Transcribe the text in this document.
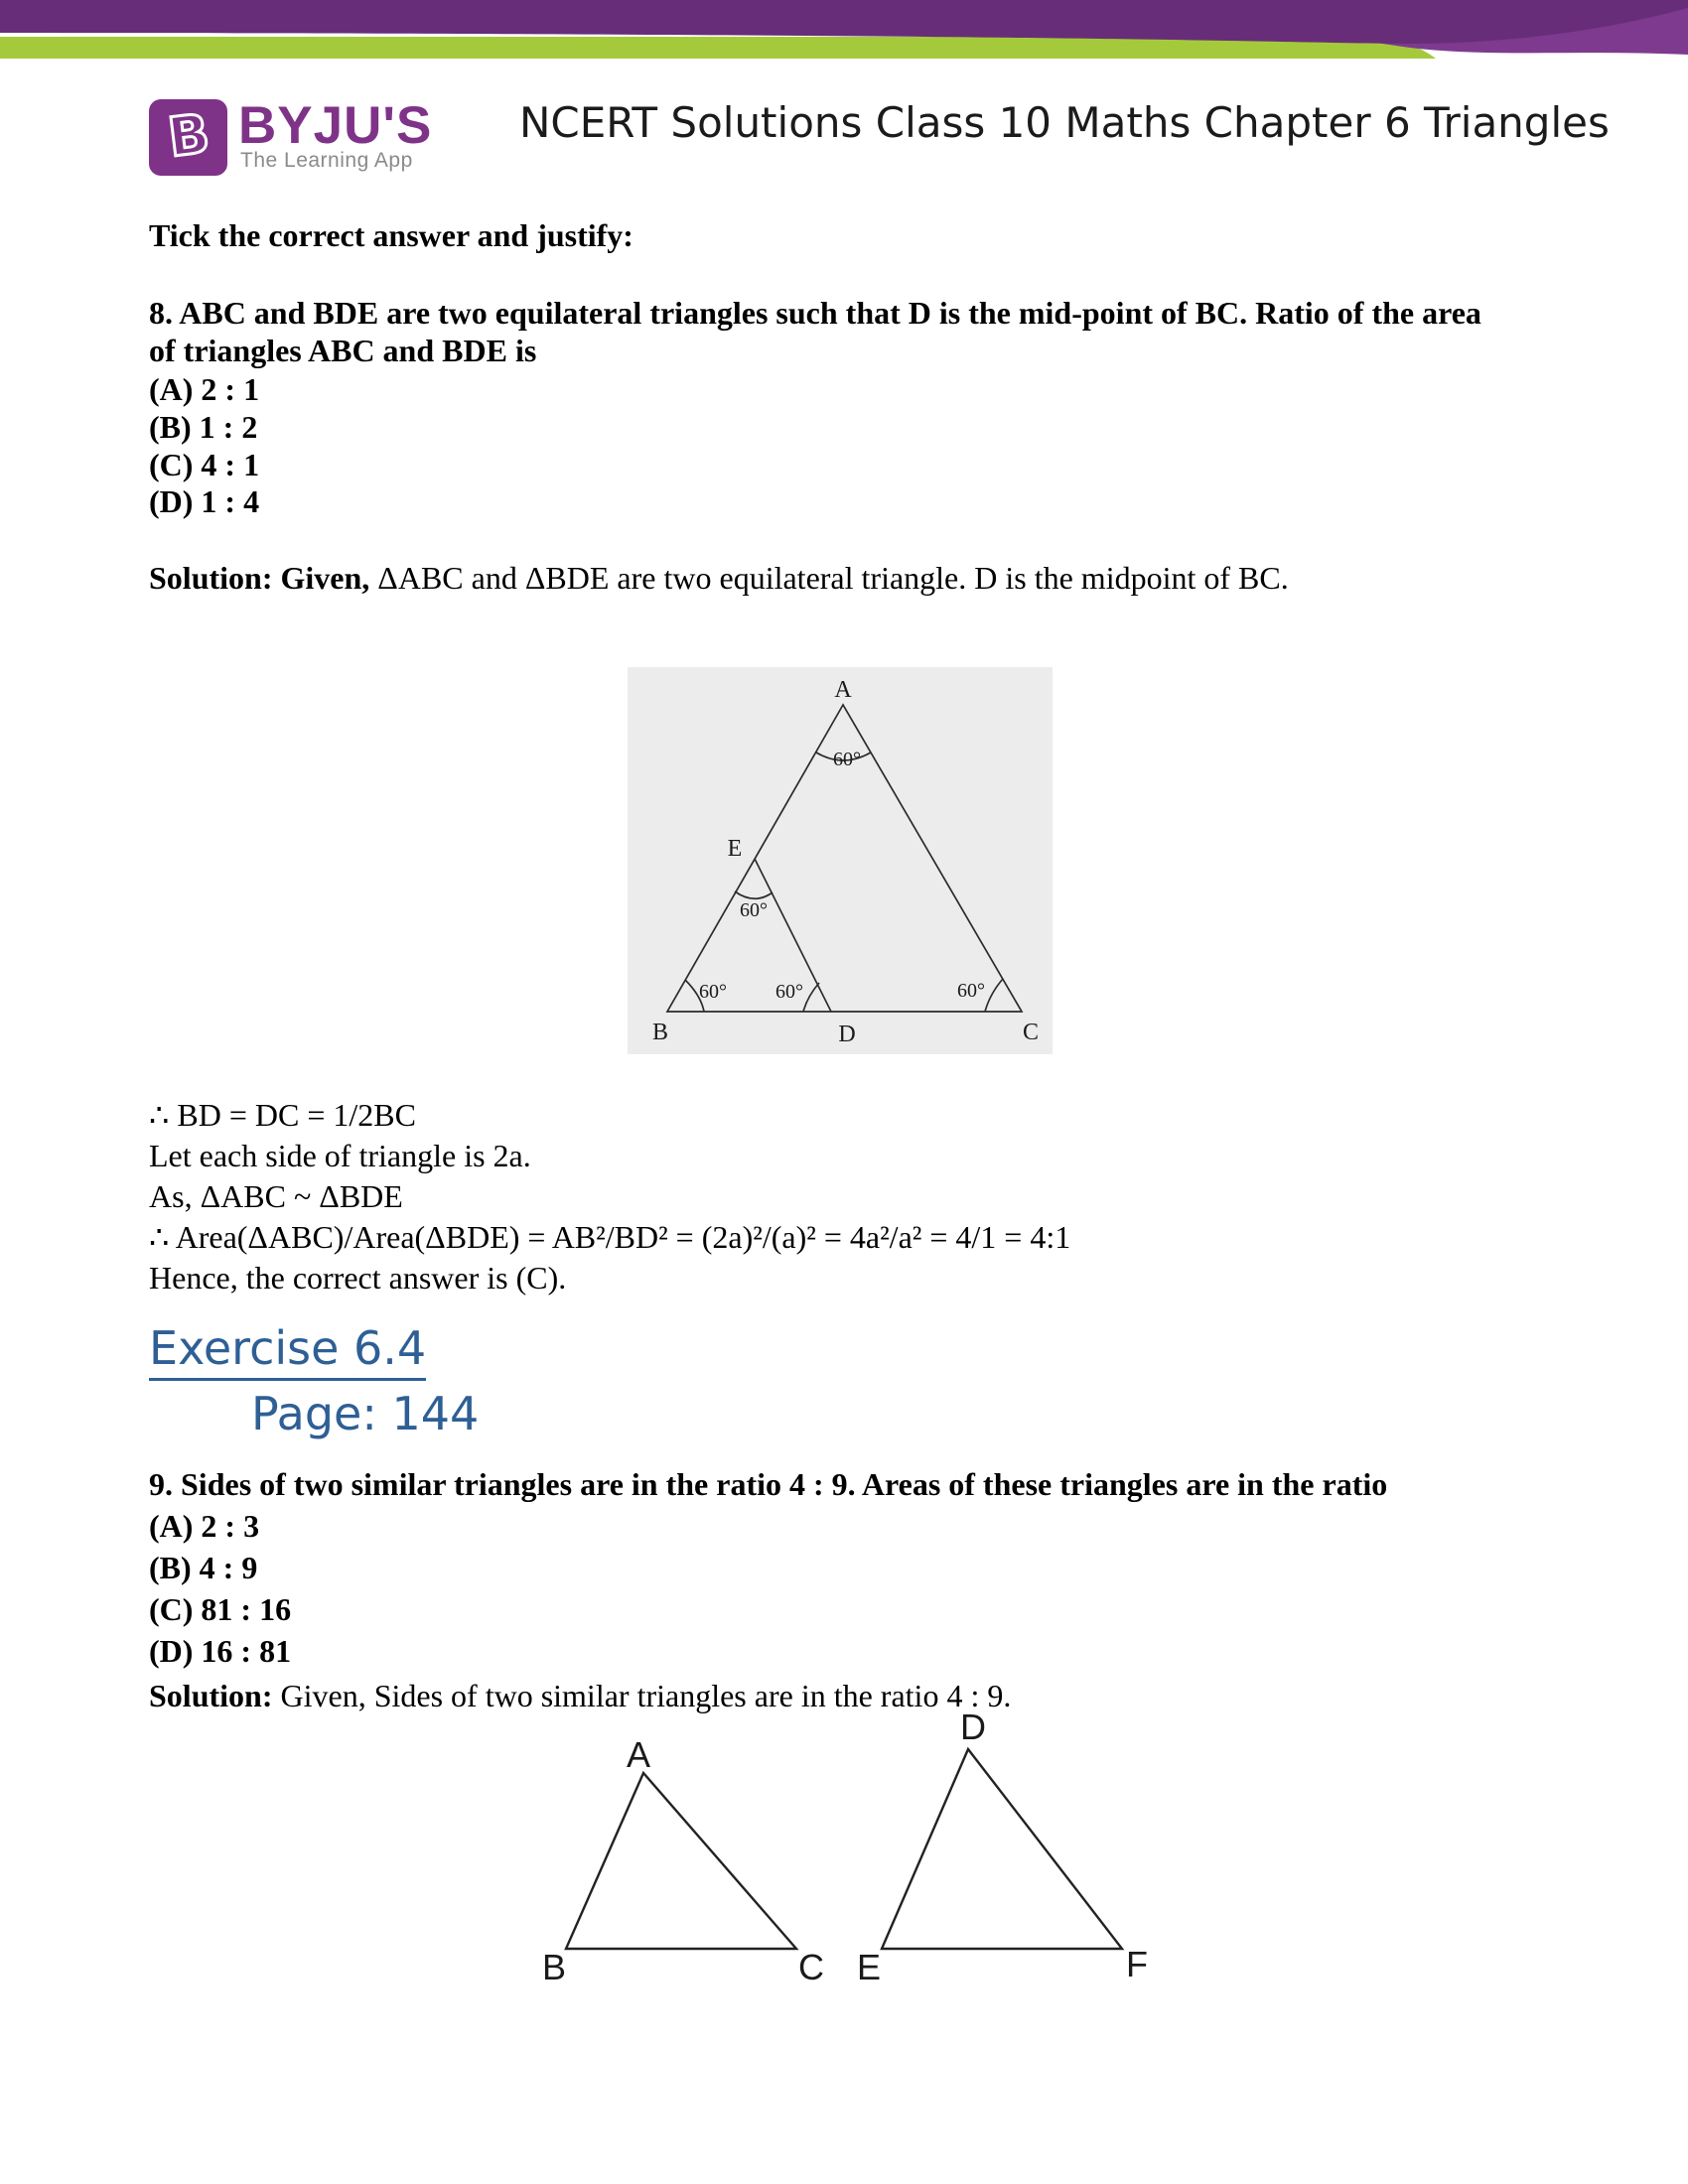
B BYJU'S
The Learning App
NCERT Solutions Class 10 Maths Chapter 6 Triangles
Tick the correct answer and justify:
8. ABC and BDE are two equilateral triangles such that D is the mid-point of BC. Ratio of the area
of triangles ABC and BDE is
(A) 2 : 1
(B) 1 : 2
(C) 4 : 1
(D) 1 : 4
Solution: Given, ΔABC and ΔBDE are two equilateral triangle. D is the midpoint of BC.
A
E
B	D	C
60°
60°
60° 60°	60°
∴ BD = DC = 1/2BC
Let each side of triangle is 2a.
As, ΔABC ~ ΔBDE
∴ Area(ΔABC)/Area(ΔBDE) = AB²/BD² = (2a)²/(a)² = 4a²/a² = 4/1 = 4:1
Hence, the correct answer is (C).
Exercise 6.4
Page: 144
9. Sides of two similar triangles are in the ratio 4 : 9. Areas of these triangles are in the ratio
(A) 2 : 3
(B) 4 : 9
(C) 81 : 16
(D) 16 : 81
Solution: Given, Sides of two similar triangles are in the ratio 4 : 9.
A
B	C
D
E	F
